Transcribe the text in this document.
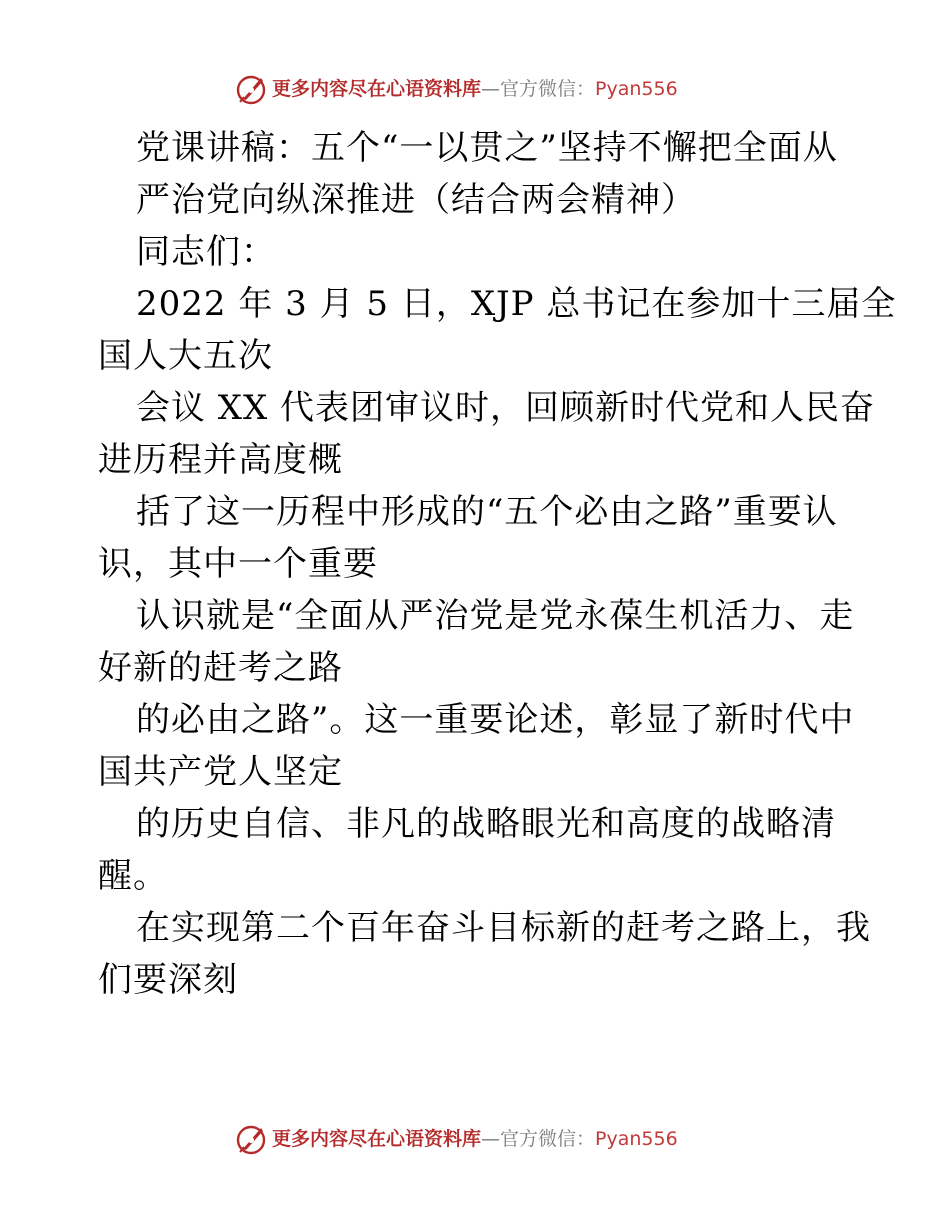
更多内容尽在心语资料库—官方微信：Pyan556
党课讲稿：五个“一以贯之”坚持不懈把全面从
严治党向纵深推进（结合两会精神）
同志们：
2022 年 3 月 5 日，XJP 总书记在参加十三届全
国人大五次
会议 XX 代表团审议时，回顾新时代党和人民奋
进历程并高度概
括了这一历程中形成的“五个必由之路”重要认
识，其中一个重要
认识就是“全面从严治党是党永葆生机活力、走
好新的赶考之路
的必由之路”。这一重要论述，彰显了新时代中
国共产党人坚定
的历史自信、非凡的战略眼光和高度的战略清
醒。
在实现第二个百年奋斗目标新的赶考之路上，我
们要深刻
更多内容尽在心语资料库—官方微信：Pyan556
